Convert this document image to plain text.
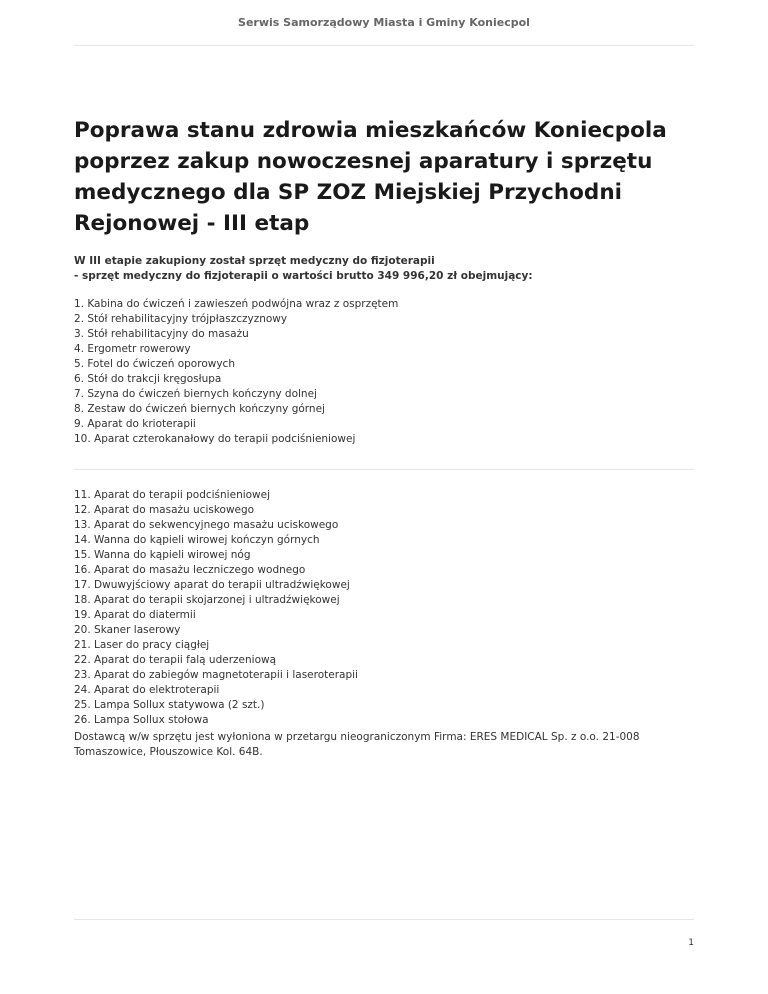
Serwis Samorządowy Miasta i Gminy Koniecpol
Poprawa stanu zdrowia mieszkańców Koniecpola poprzez zakup nowoczesnej aparatury i sprzętu medycznego dla SP ZOZ Miejskiej Przychodni Rejonowej - III etap
W III etapie zakupiony został sprzęt medyczny do fizjoterapii
- sprzęt medyczny do fizjoterapii o wartości brutto 349 996,20 zł obejmujący:
1. Kabina do ćwiczeń i zawieszeń podwójna wraz z osprzętem
2. Stół rehabilitacyjny trójpłaszczyznowy
3. Stół rehabilitacyjny do masażu
4. Ergometr rowerowy
5. Fotel do ćwiczeń oporowych
6. Stół do trakcji kręgosłupa
7. Szyna do ćwiczeń biernych kończyny dolnej
8. Zestaw do ćwiczeń biernych kończyny górnej
9. Aparat do krioterapii
10. Aparat czterokanałowy do terapii podciśnieniowej
11. Aparat do terapii podciśnieniowej
12. Aparat do masażu uciskowego
13. Aparat do sekwencyjnego masażu uciskowego
14. Wanna do kąpieli wirowej kończyn górnych
15. Wanna do kąpieli wirowej nóg
16. Aparat do masażu leczniczego wodnego
17. Dwuwyjściowy aparat do terapii ultradźwiękowej
18. Aparat do terapii skojarzonej i ultradźwiękowej
19. Aparat do diatermii
20. Skaner laserowy
21. Laser do pracy ciągłej
22. Aparat do terapii falą uderzeniową
23. Aparat do zabiegów magnetoterapii i laseroterapii
24. Aparat do elektroterapii
25. Lampa Sollux statywowa (2 szt.)
26. Lampa Sollux stołowa

Dostawcą w/w sprzętu jest wyłoniona w przetargu nieograniczonym Firma: ERES MEDICAL Sp. z o.o. 21-008 Tomaszowice, Płouszowice Kol. 64B.

1
